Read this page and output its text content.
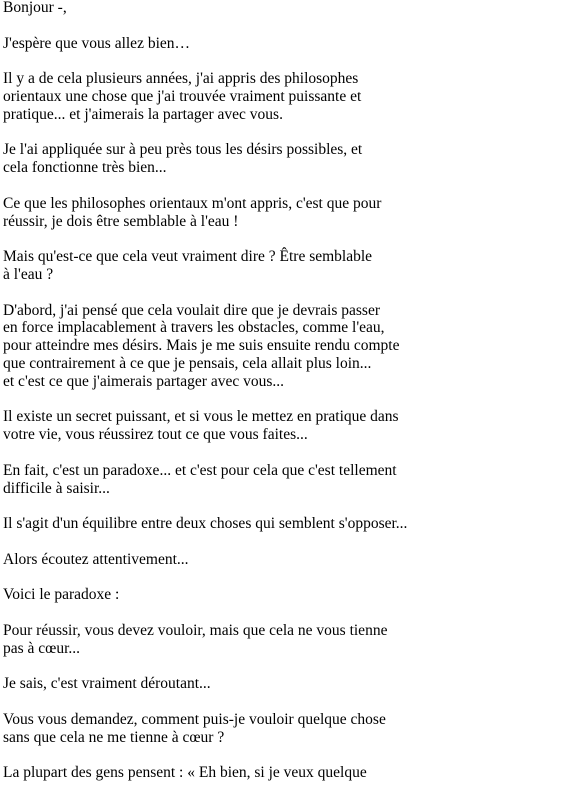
Bonjour -,
J'espère que vous allez bien…
Il y a de cela plusieurs années, j'ai appris des philosophes
orientaux une chose que j'ai trouvée vraiment puissante et
pratique... et j'aimerais la partager avec vous.
Je l'ai appliquée sur à peu près tous les désirs possibles, et
cela fonctionne très bien...
Ce que les philosophes orientaux m'ont appris, c'est que pour
réussir, je dois être semblable à l'eau !
Mais qu'est-ce que cela veut vraiment dire ? Être semblable
à l'eau ?
D'abord, j'ai pensé que cela voulait dire que je devrais passer
en force implacablement à travers les obstacles, comme l'eau,
pour atteindre mes désirs. Mais je me suis ensuite rendu compte
que contrairement à ce que je pensais, cela allait plus loin...
et c'est ce que j'aimerais partager avec vous...
Il existe un secret puissant, et si vous le mettez en pratique dans
votre vie, vous réussirez tout ce que vous faites...
En fait, c'est un paradoxe... et c'est pour cela que c'est tellement
difficile à saisir...
Il s'agit d'un équilibre entre deux choses qui semblent s'opposer...
Alors écoutez attentivement...
Voici le paradoxe :
Pour réussir, vous devez vouloir, mais que cela ne vous tienne
pas à cœur...
Je sais, c'est vraiment déroutant...
Vous vous demandez, comment puis-je vouloir quelque chose
sans que cela ne me tienne à cœur ?
La plupart des gens pensent : « Eh bien, si je veux quelque
